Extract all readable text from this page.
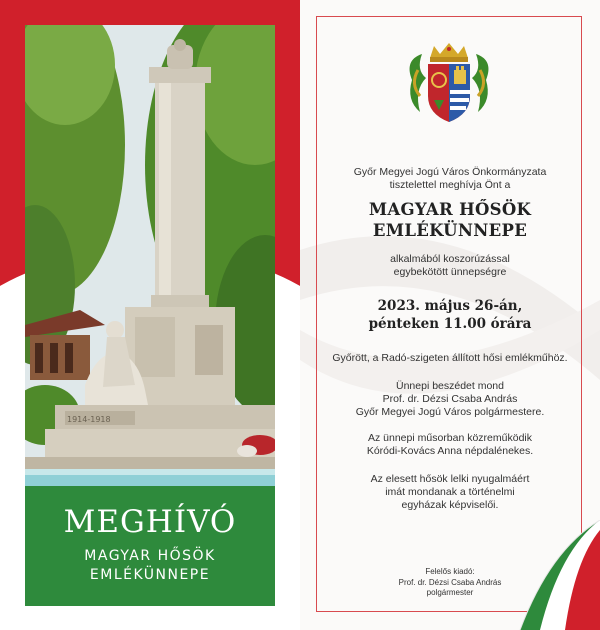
1914-1918
MEGHÍVÓ
MAGYAR HŐSÖK
EMLÉKÜNNEPE
Győr Megyei Jogú Város Önkormányzata
tisztelettel meghívja Önt a
MAGYAR HŐSÖK
EMLÉKÜNNEPE
alkalmából koszorúzással
egybekötött ünnepségre
2023. május 26-án,
pénteken 11.00 órára
Győrött, a Radó-szigeten állított hősi emlékműhöz.
Ünnepi beszédet mond
Prof. dr. Dézsi Csaba András
Győr Megyei Jogú Város polgármestere.
Az ünnepi műsorban közreműködik
Kóródi-Kovács Anna népdalénekes.
Az elesett hősök lelki nyugalmáért
imát mondanak a történelmi
egyházak képviselői.
Felelős kiadó:
Prof. dr. Dézsi Csaba András
polgármester
